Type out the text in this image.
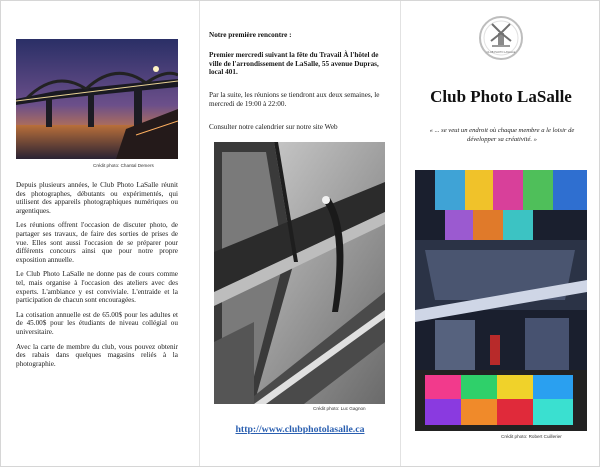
Crédit photo: Chantal Demers

Depuis plusieurs années, le Club Photo LaSalle réunit des photographes, débutants ou expérimentés, qui utilisent des appareils photographiques numériques ou argentiques.

Les réunions offrent l'occasion de discuter photo, de partager ses travaux, de faire des sorties de prises de vue. Elles sont aussi l'occasion de se préparer pour différents concours ainsi que pour notre propre exposition annuelle.

Le Club Photo LaSalle ne donne pas de cours comme tel, mais organise à l'occasion des ateliers avec des experts. L'ambiance y est conviviale. L'entraide et la participation de chacun sont encouragées.

La cotisation annuelle est de 65.00$ pour les adultes et de 45.00$ pour les étudiants de niveau collégial ou universitaire.

Avec la carte de membre du club, vous pouvez obtenir des rabais dans quelques magasins reliés à la photographie.

Notre première rencontre :
Premier mercredi suivant la fête du Travail À l'hôtel de ville de l'arrondissement de LaSalle, 55 avenue Dupras, local 401.
Par la suite, les réunions se tiendront aux deux semaines, le mercredi de 19:00 à 22:00.
Consulter notre calendrier sur notre site Web
Crédit photo: Luc Gagnon
http://www.clubphotolasalle.ca
CLUB PHOTO LASALLE
Club Photo LaSalle
« ... se veut un endroit où chaque membre a le loisir de développer sa créativité. »
Crédit photo: Robert Cuillerier
